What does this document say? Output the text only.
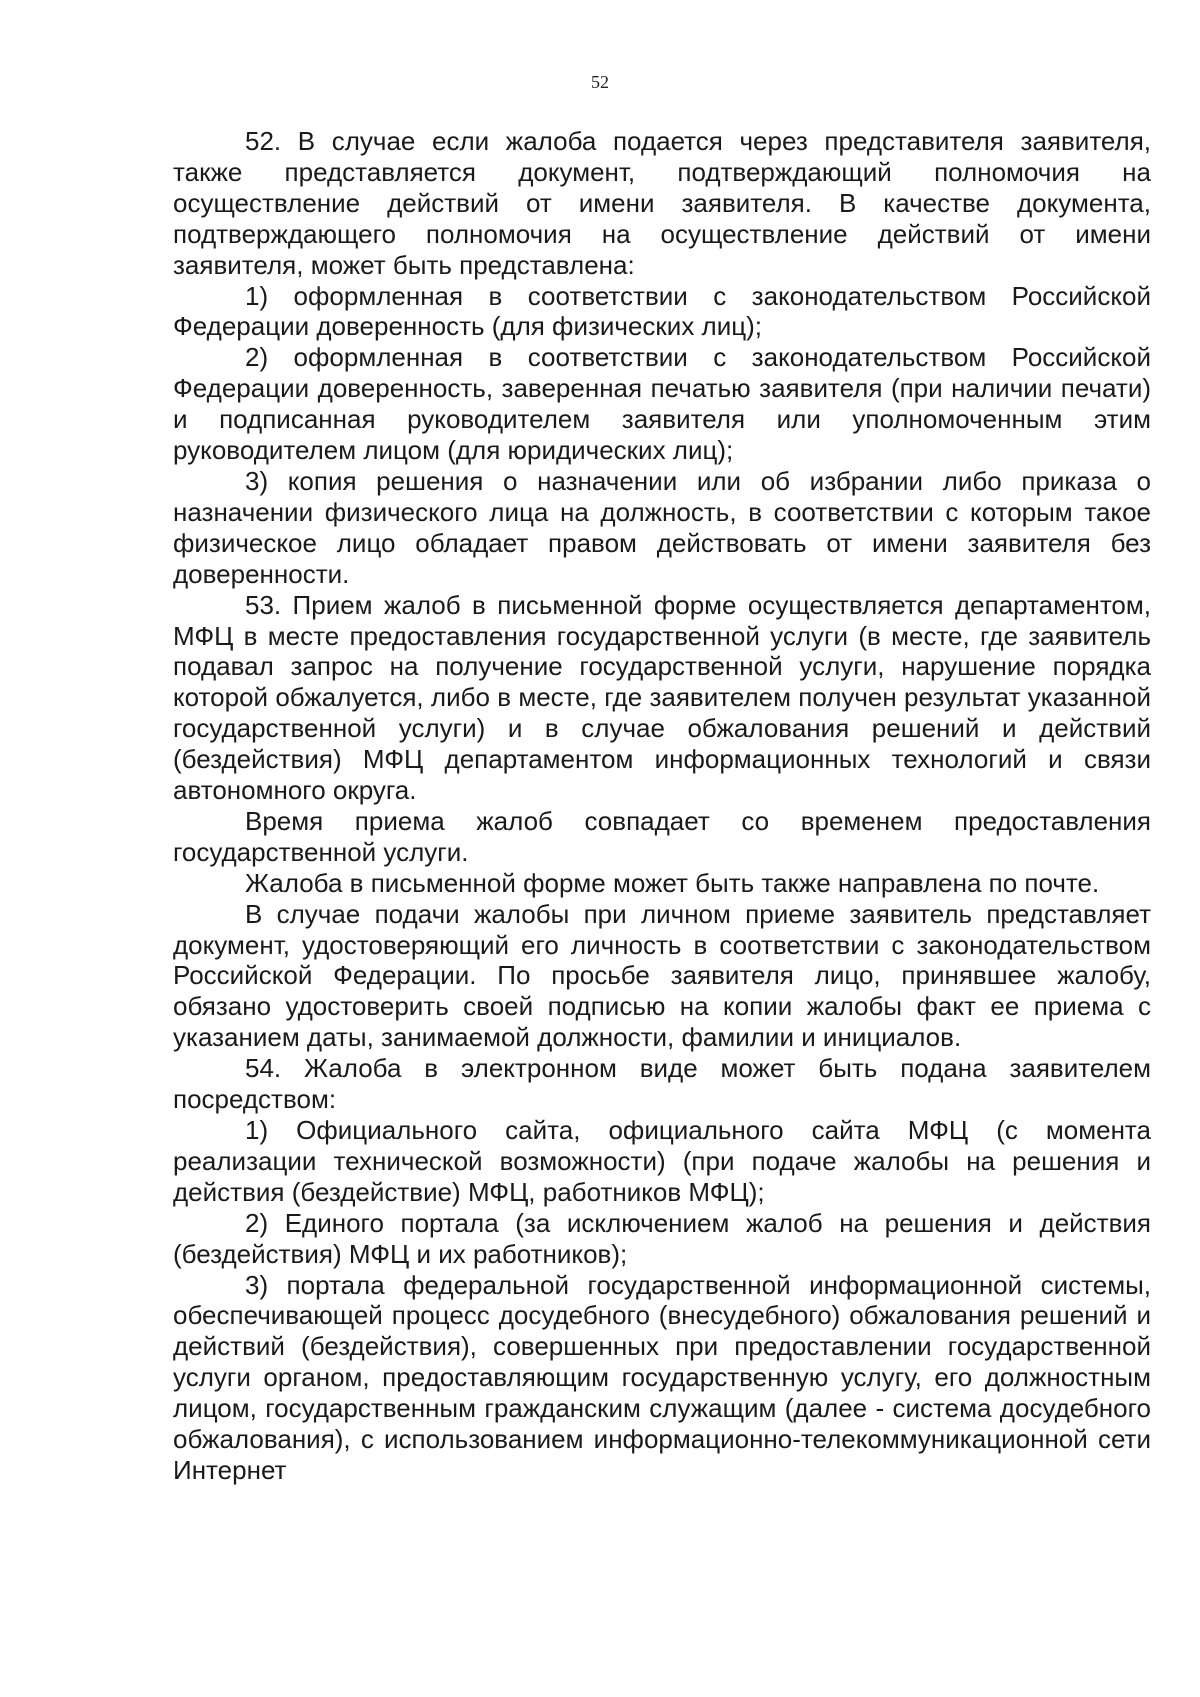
52

52. В случае если жалоба подается через представителя заявителя, также представляется документ, подтверждающий полномочия на осуществление действий от имени заявителя. В качестве документа, подтверждающего полномочия на осуществление действий от имени заявителя, может быть представлена:

1) оформленная в соответствии с законодательством Российской Федерации доверенность (для физических лиц);

2) оформленная в соответствии с законодательством Российской Федерации доверенность, заверенная печатью заявителя (при наличии печати) и подписанная руководителем заявителя или уполномоченным этим руководителем лицом (для юридических лиц);

3) копия решения о назначении или об избрании либо приказа о назначении физического лица на должность, в соответствии с которым такое физическое лицо обладает правом действовать от имени заявителя без доверенности.

53. Прием жалоб в письменной форме осуществляется департаментом, МФЦ в месте предоставления государственной услуги (в месте, где заявитель подавал запрос на получение государственной услуги, нарушение порядка которой обжалуется, либо в месте, где заявителем получен результат указанной государственной услуги) и в случае обжалования решений и действий (бездействия) МФЦ департаментом информационных технологий и связи автономного округа.

Время приема жалоб совпадает со временем предоставления государственной услуги.

Жалоба в письменной форме может быть также направлена по почте.

В случае подачи жалобы при личном приеме заявитель представляет документ, удостоверяющий его личность в соответствии с законодательством Российской Федерации. По просьбе заявителя лицо, принявшее жалобу, обязано удостоверить своей подписью на копии жалобы факт ее приема с указанием даты, занимаемой должности, фамилии и инициалов.

54. Жалоба в электронном виде может быть подана заявителем посредством:

1) Официального сайта, официального сайта МФЦ (с момента реализации технической возможности) (при подаче жалобы на решения и действия (бездействие) МФЦ, работников МФЦ);

2) Единого портала (за исключением жалоб на решения и действия (бездействия) МФЦ и их работников);

3) портала федеральной государственной информационной системы, обеспечивающей процесс досудебного (внесудебного) обжалования решений и действий (бездействия), совершенных при предоставлении государственной услуги органом, предоставляющим государственную услугу, его должностным лицом, государственным гражданским служащим (далее - система досудебного обжалования), с использованием информационно-телекоммуникационной сети Интернет
